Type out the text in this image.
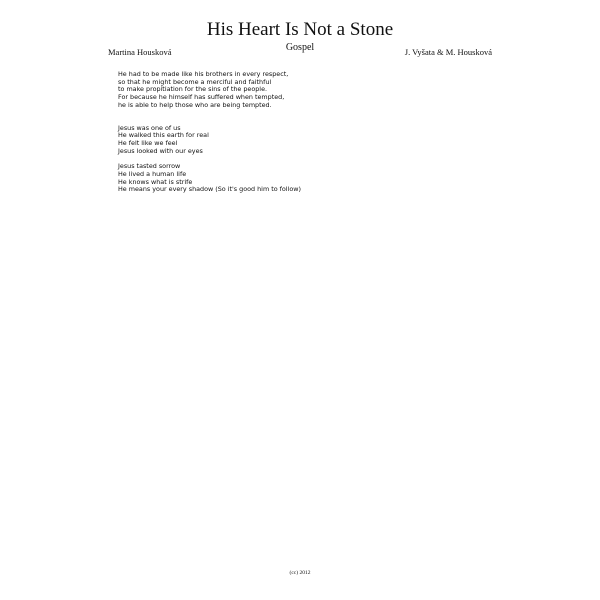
His Heart Is Not a Stone
Gospel
Martina Housková	J. Vyšata & M. Housková
He had to be made like his brothers in every respect,
so that he might become a merciful and faithful
to make propitiation for the sins of the people.
For because he himself has suffered when tempted,
he is able to help those who are being tempted.
Jesus was one of us
He walked this earth for real
He felt like we feel
Jesus looked with our eyes
Jesus tasted sorrow
He lived a human life
He knows what is strife
He means your every shadow (So it's good him to follow)
(cc) 2012
